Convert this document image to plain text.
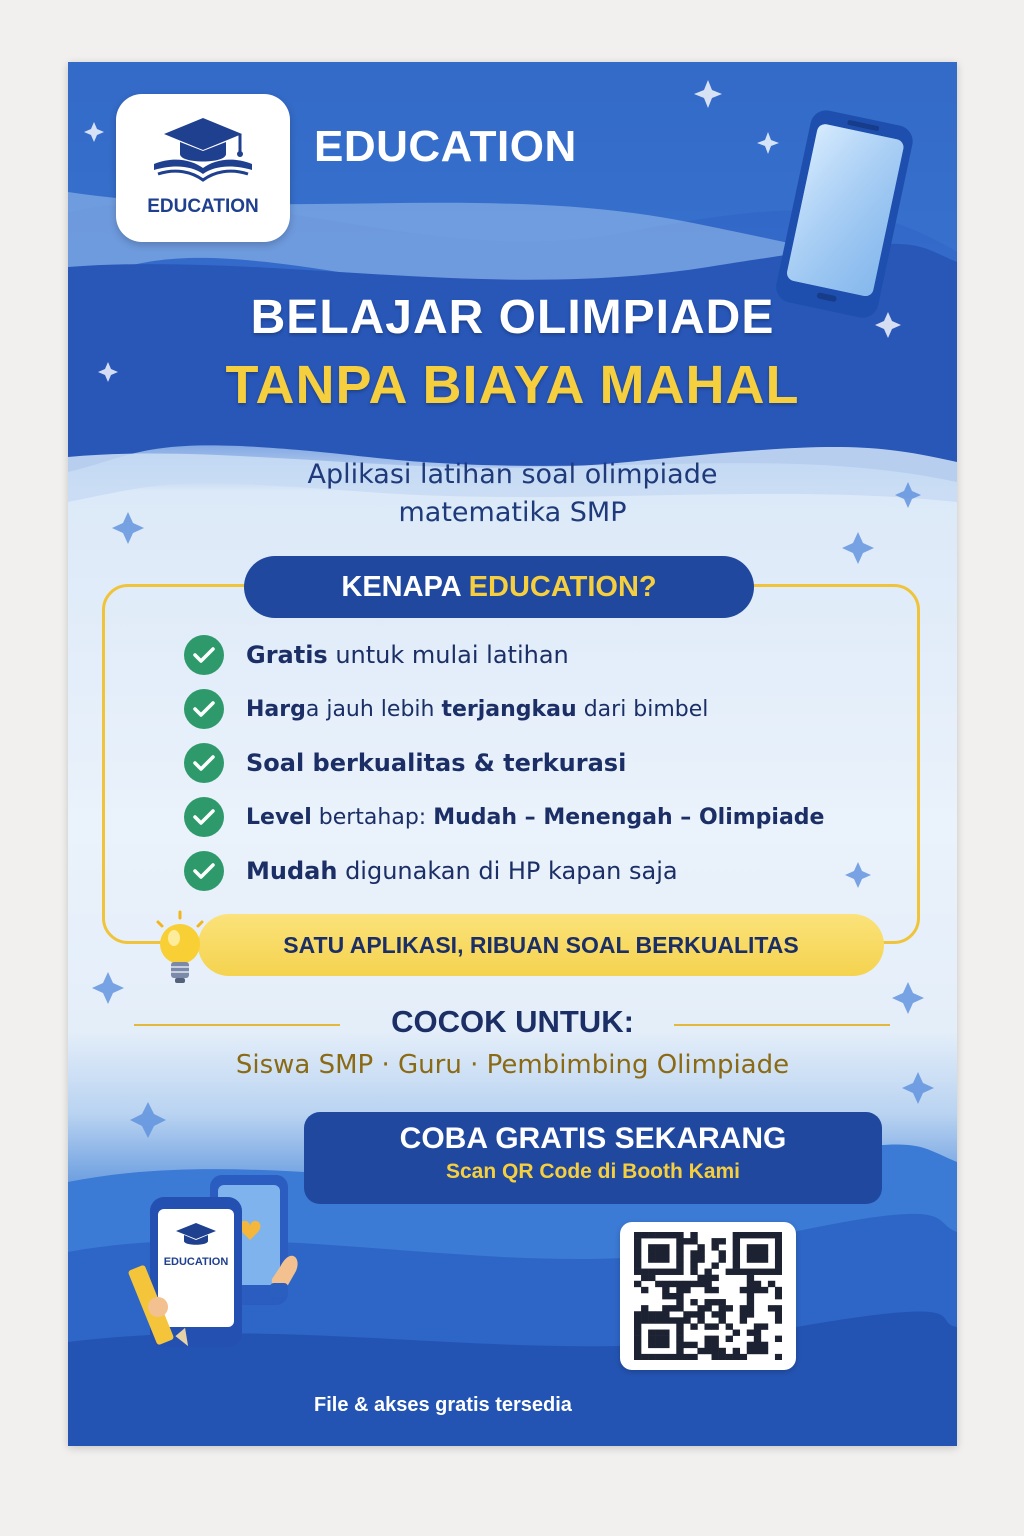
EDUCATION
EDUCATION
BELAJAR OLIMPIADE
TANPA BIAYA MAHAL
Aplikasi latihan soal olimpiade
matematika SMP
KENAPA EDUCATION?
Gratis untuk mulai latihan
Harga jauh lebih terjangkau dari bimbel
Soal berkualitas & terkurasi
Level bertahap: Mudah – Menengah – Olimpiade
Mudah digunakan di HP kapan saja
SATU APLIKASI, RIBUAN SOAL BERKUALITAS
COCOK UNTUK:
Siswa SMP · Guru · Pembimbing Olimpiade
COBA GRATIS SEKARANG
Scan QR Code di Booth Kami
EDUCATION
File & akses gratis tersedia
